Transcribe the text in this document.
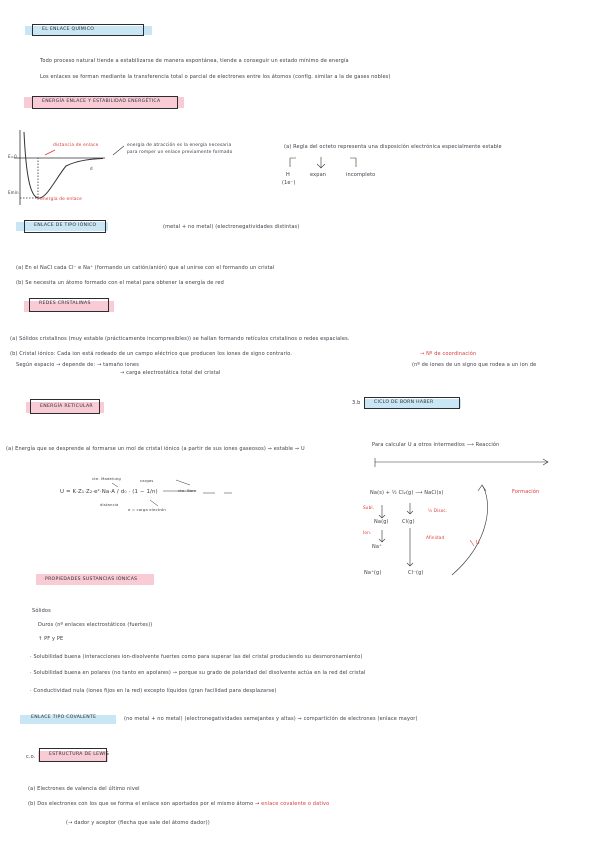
EL ENLACE QUÍMICO
Todo proceso natural tiende a estabilizarse de manera espontánea, tiende a conseguir un estado mínimo de energía
Los enlaces se forman mediante la transferencia total o parcial de electrones entre los átomos (config. similar a la de gases nobles)
ENERGÍA ENLACE Y ESTABILIDAD ENERGÉTICA
distancia de enlace
energía de enlace
E=0
Emín
d
energía de atracción es la energía necesaria
para romper un enlace previamente formado
(a) Regla del octeto representa una disposición electrónica especialmente estable
H
(1e⁻)
expan	incompleto
ENLACE DE TIPO IÓNICO	(metal + no metal) (electronegatividades distintas)
(a) En el NaCl cada Cl⁻ e Na⁺ (formando un catión/anión) que al unirse con el formando un cristal
(b) Se necesita un átomo formado con el metal para obtener la energía de red
REDES CRISTALINAS
(a) Sólidos cristalinos (muy estable (prácticamente incompresibles)) se hallan formando retículos cristalinos o redes espaciales.
(b) Cristal iónico: Cada ion está rodeado de un campo eléctrico que producen los iones de signo contrario.	→ Nº de coordinación
Según espacio → depende de: → tamaño iones
→ carga electrostática total del cristal
(nº de iones de un signo que rodea a un ion de
ENERGÍA RETICULAR
3.b	CICLO DE BORN HABER
(a) Energía que se desprende al formarse un mol de cristal iónico (a partir de sus iones gaseosos) ⇒ estable ⇒ U
U = K·Z₁·Z₂·e²·Na·A / d₀ · (1 − 1/n)
cte. Madelung
cte. Born
cargas
distancia
e = carga electrón
Para calcular U a otros intermedios ⟶ Reacción
Na(s) + ½ Cl₂(g) ⟶ NaCl(s)	Formación
Subl.
Na(g)
½ Disoc.
Cl(g)
Ion.
Na⁺
Afinidad
Na⁺(g)	Cl⁻(g)
U
PROPIEDADES SUSTANCIAS IÓNICAS
Sólidos
Duros (nº enlaces electrostáticos (fuertes))
↑ PF y PE
· Solubilidad buena (interacciones ion-disolvente fuertes como para superar las del cristal produciendo su desmoronamiento)
· Solubilidad buena en polares (no tanto en apolares) → porque su grado de polaridad del disolvente actúa en la red del cristal
· Conductividad nula (iones fijos en la red) excepto líquidos (gran facilidad para desplazarse)
ENLACE TIPO COVALENTE	(no metal + no metal) (electronegatividades semejantes y altas) ⇒ compartición de electrones (enlace mayor)
c.o.	ESTRUCTURA DE LEWIS
(a) Electrones de valencia del último nivel
(b) Dos electrones con los que se forma el enlace son aportados por el mismo átomo → enlace covalente o dativo
(→ dador y aceptor (flecha que sale del átomo dador))
